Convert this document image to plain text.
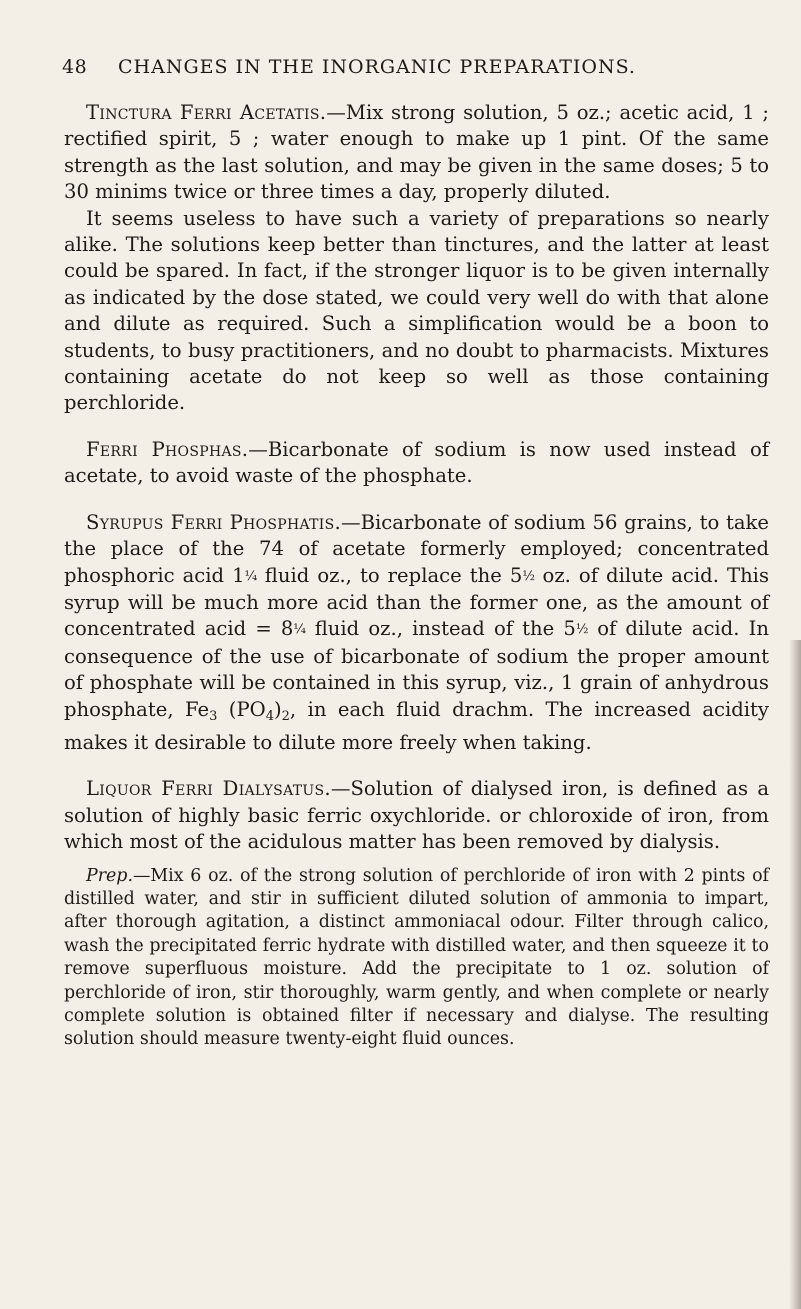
48 CHANGES IN THE INORGANIC PREPARATIONS.

Tinctura Ferri Acetatis.—Mix strong solution, 5 oz.; acetic acid, 1 ; rectified spirit, 5 ; water enough to make up 1 pint. Of the same strength as the last solution, and may be given in the same doses; 5 to 30 minims twice or three times a day, properly diluted.

It seems useless to have such a variety of preparations so nearly alike. The solutions keep better than tinctures, and the latter at least could be spared. In fact, if the stronger liquor is to be given internally as indicated by the dose stated, we could very well do with that alone and dilute as required. Such a simplification would be a boon to students, to busy practitioners, and no doubt to pharmacists. Mixtures containing acetate do not keep so well as those containing perchloride.

Ferri Phosphas.—Bicarbonate of sodium is now used instead of acetate, to avoid waste of the phosphate.

Syrupus Ferri Phosphatis.—Bicarbonate of sodium 56 grains, to take the place of the 74 of acetate formerly employed; concentrated phosphoric acid 1¼ fluid oz., to replace the 5½ oz. of dilute acid. This syrup will be much more acid than the former one, as the amount of concentrated acid = 8¼ fluid oz., instead of the 5½ of dilute acid. In consequence of the use of bicarbonate of sodium the proper amount of phosphate will be contained in this syrup, viz., 1 grain of anhydrous phosphate, $Fe_3$ $(PO_4)_2$, in each fluid drachm. The increased acidity makes it desirable to dilute more freely when taking.

Liquor Ferri Dialysatus.—Solution of dialysed iron, is defined as a solution of highly basic ferric oxychloride. or chloroxide of iron, from which most of the acidulous matter has been removed by dialysis.

Prep.—Mix 6 oz. of the strong solution of perchloride of iron with 2 pints of distilled water, and stir in sufficient diluted solution of ammonia to impart, after thorough agitation, a distinct ammoniacal odour. Filter through calico, wash the precipitated ferric hydrate with distilled water, and then squeeze it to remove superfluous moisture. Add the precipitate to 1 oz. solution of perchloride of iron, stir thoroughly, warm gently, and when complete or nearly complete solution is obtained filter if necessary and dialyse. The resulting solution should measure twenty-eight fluid ounces.
